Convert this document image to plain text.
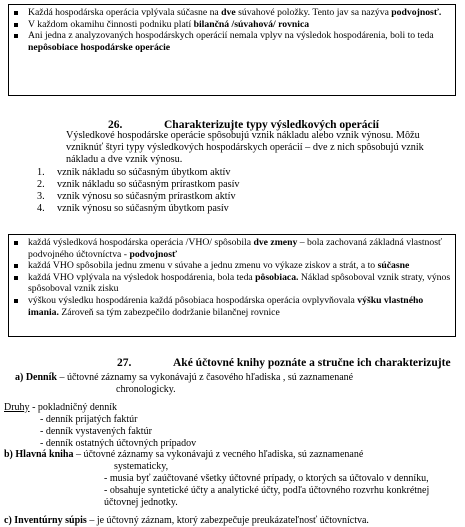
Každá hospodárska operácia vplývala súčasne na dve súvahové položky. Tento jav sa nazýva podvojnosť.
V každom okamihu činnosti podniku platí bilančná /súvahová/ rovnica
Ani jedna z analyzovaných hospodárskych operácií nemala vplyv na výsledok hospodárenia, boli to teda nepôsobiace hospodárske operácie
26.	Charakterizujte typy výsledkových operácií
Výsledkové hospodárske operácie spôsobujú vznik nákladu alebo vznik výnosu. Môžu vzniknúť štyri typy výsledkových hospodárskych operácií – dve z nich spôsobujú vznik nákladu a dve vznik výnosu.
1. vznik nákladu so súčasným úbytkom aktív
2. vznik nákladu so súčasným prírastkom pasív
3. vznik výnosu so súčasným prírastkom aktív
4. vznik výnosu so súčasným úbytkom pasív
každá výsledková hospodárska operácia /VHO/ spôsobila dve zmeny – bola zachovaná základná vlastnosť podvojného účtovníctva - podvojnosť
každá VHO spôsobila jednu zmenu v súvahe a jednu zmenu vo výkaze ziskov a strát, a to súčasne
každá VHO vplývala na výsledok hospodárenia, bola teda pôsobiaca. Náklad spôsoboval vznik straty, výnos spôsoboval vznik zisku
výškou výsledku hospodárenia každá pôsobiaca hospodárska operácia ovplyvňovala výšku vlastného imania. Zároveň sa tým zabezpečilo dodržanie bilančnej rovnice
27.	Aké účtovné knihy poznáte a stručne ich charakterizujte
a) Denník – účtovné záznamy sa vykonávajú z časového hľadiska , sú zaznamenané
chronologicky.
Druhy - pokladničný denník
- denník prijatých faktúr
- denník vystavených faktúr
- denník ostatných účtovných prípadov
b) Hlavná kniha – účtovné záznamy sa vykonávajú z vecného hľadiska, sú zaznamenané
systematicky,
- musia byť zaúčtované všetky účtovné prípady, o ktorých sa účtovalo v denníku,
- obsahuje syntetické účty a analytické účty, podľa účtovného rozvrhu konkrétnej
účtovnej jednotky.
c) Inventúrny súpis – je účtovný záznam, ktorý zabezpečuje preukázateľnosť účtovníctva.
